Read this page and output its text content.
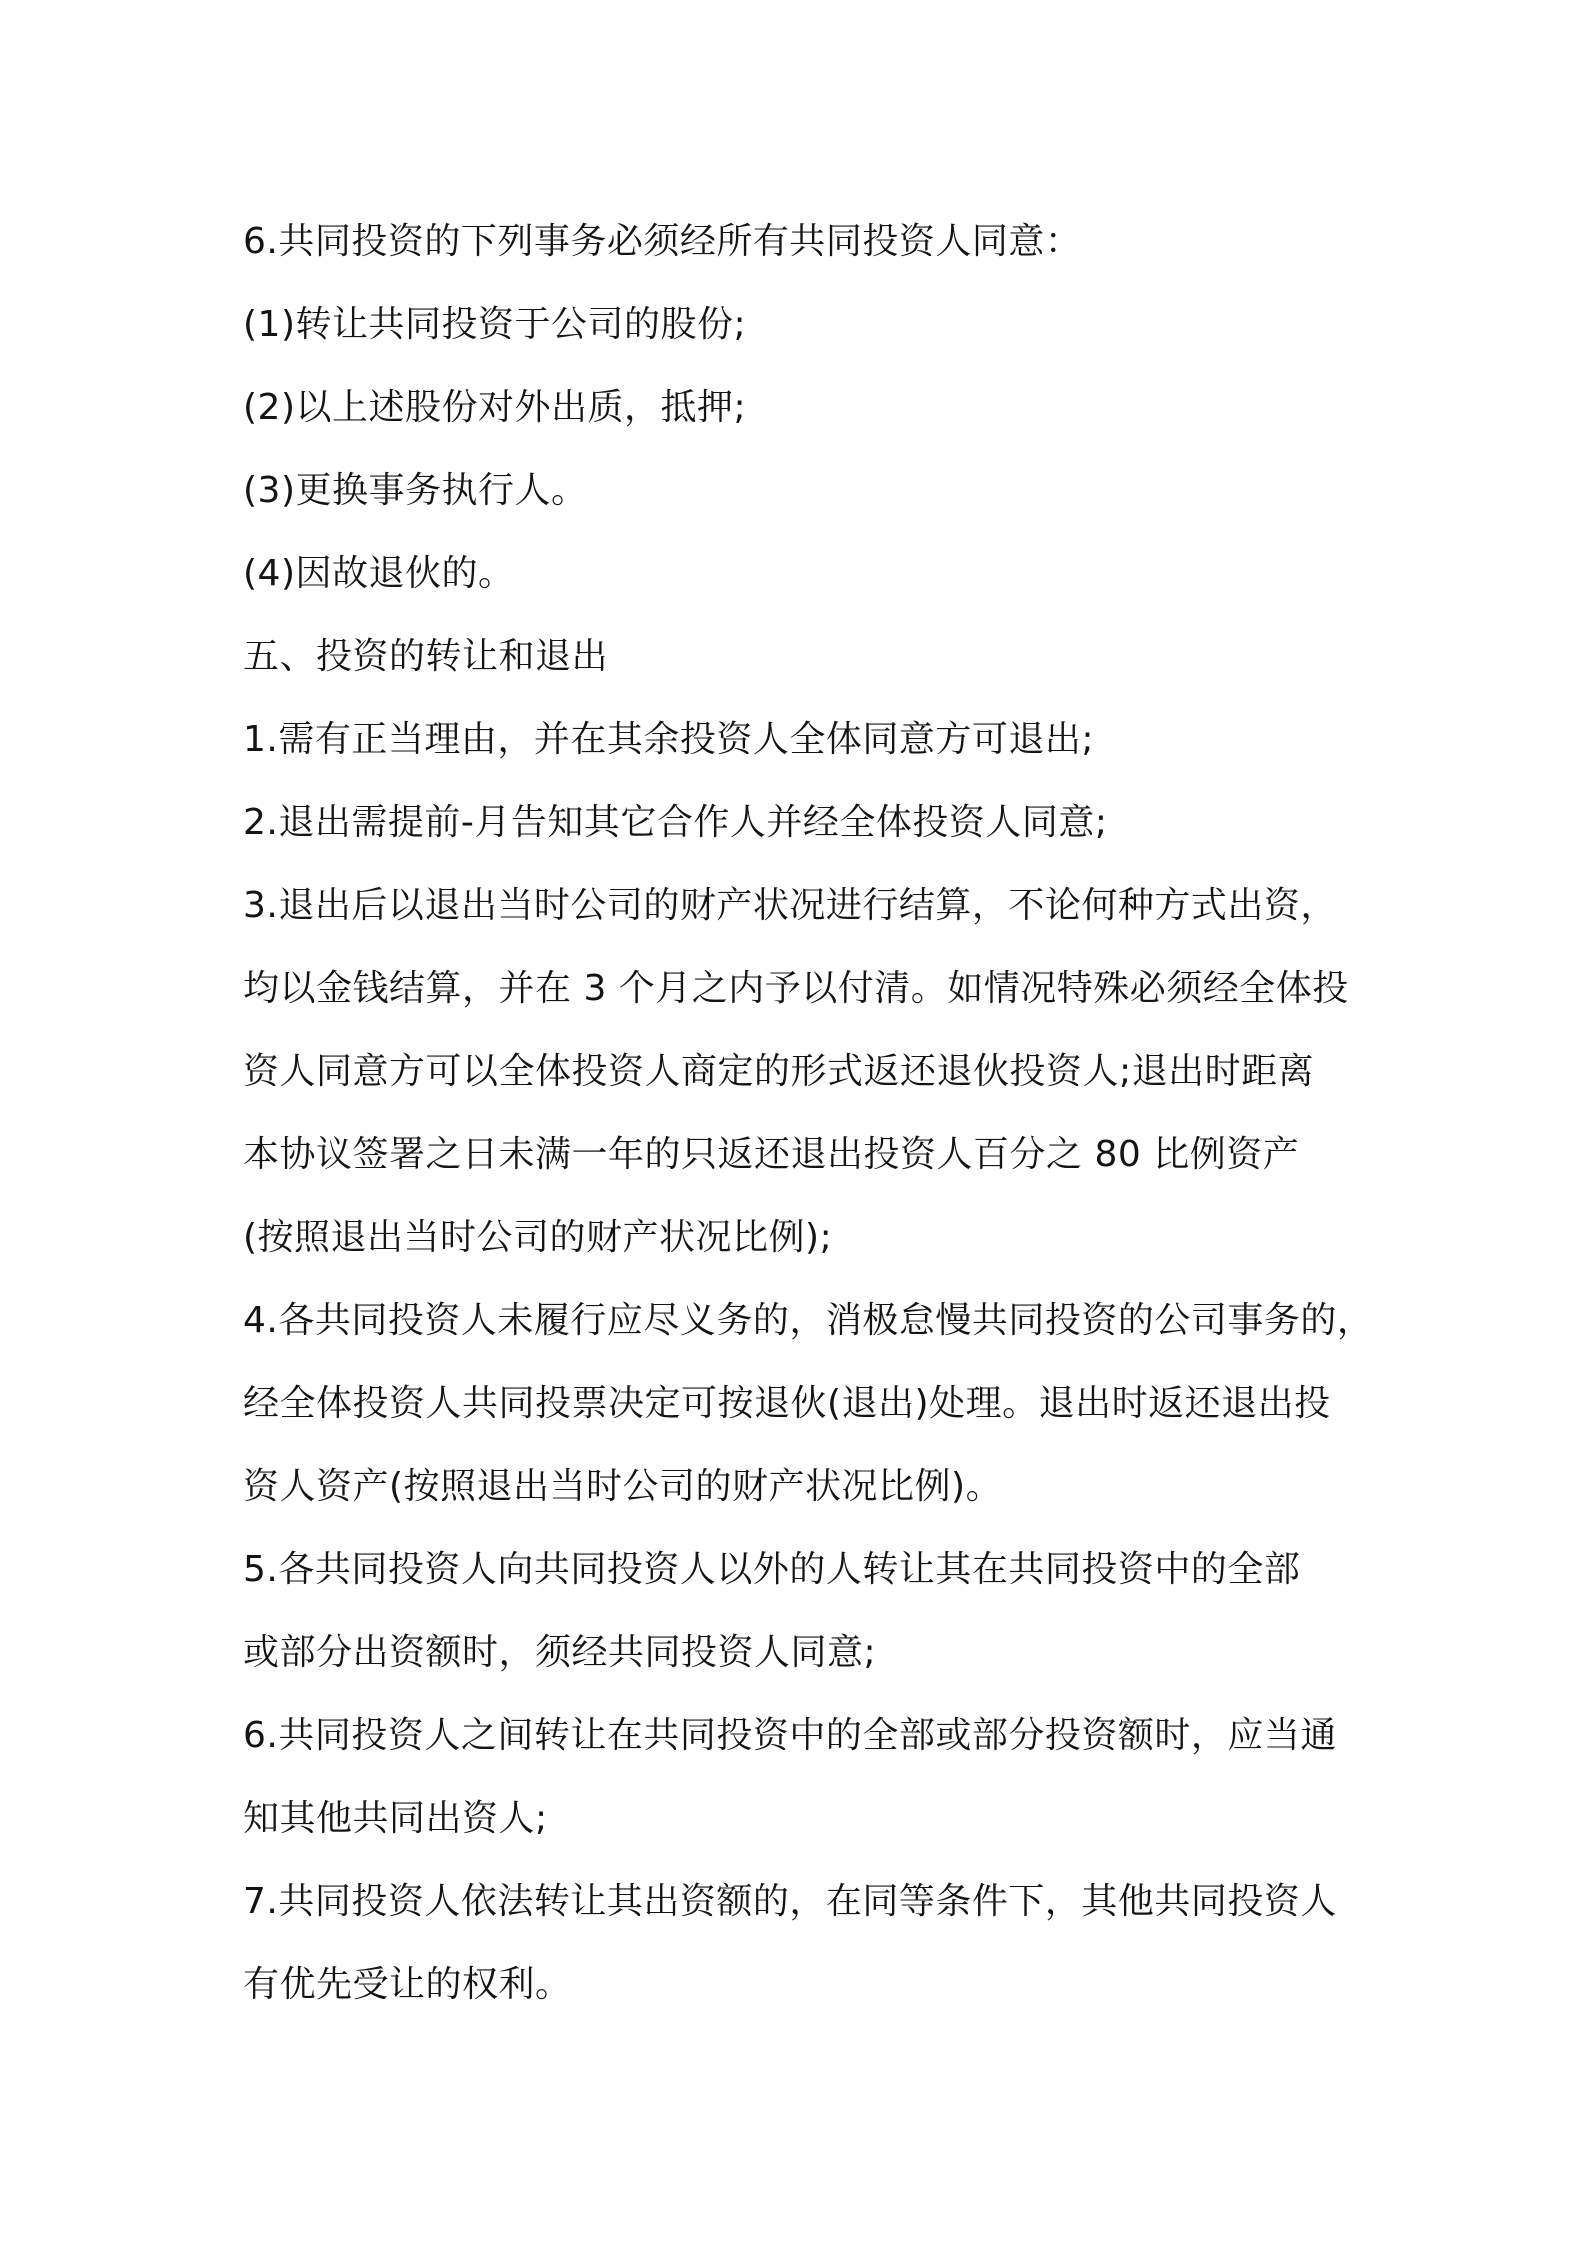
6.共同投资的下列事务必须经所有共同投资人同意：
(1)转让共同投资于公司的股份;
(2)以上述股份对外出质，抵押;
(3)更换事务执行人。
(4)因故退伙的。
五、投资的转让和退出
1.需有正当理由，并在其余投资人全体同意方可退出;
2.退出需提前-月告知其它合作人并经全体投资人同意;
3.退出后以退出当时公司的财产状况进行结算，不论何种方式出资，
均以金钱结算，并在 3 个月之内予以付清。如情况特殊必须经全体投
资人同意方可以全体投资人商定的形式返还退伙投资人;退出时距离
本协议签署之日未满一年的只返还退出投资人百分之 80 比例资产
(按照退出当时公司的财产状况比例);
4.各共同投资人未履行应尽义务的，消极怠慢共同投资的公司事务的，
经全体投资人共同投票决定可按退伙(退出)处理。退出时返还退出投
资人资产(按照退出当时公司的财产状况比例)。
5.各共同投资人向共同投资人以外的人转让其在共同投资中的全部
或部分出资额时，须经共同投资人同意;
6.共同投资人之间转让在共同投资中的全部或部分投资额时，应当通
知其他共同出资人;
7.共同投资人依法转让其出资额的，在同等条件下，其他共同投资人
有优先受让的权利。
